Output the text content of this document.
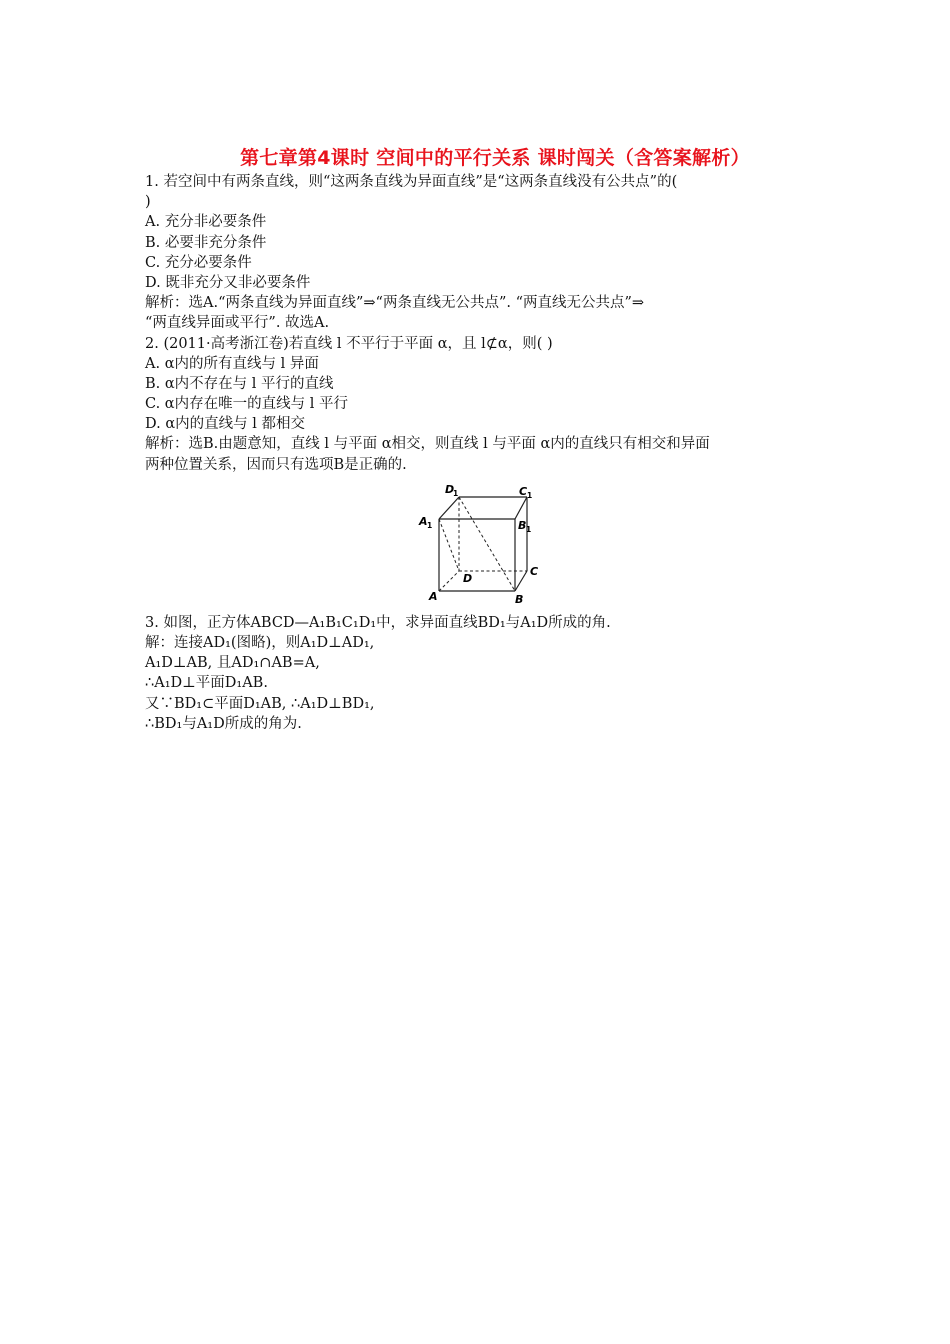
第七章第4课时 空间中的平行关系 课时闯关（含答案解析）
1. 若空间中有两条直线，则“这两条直线为异面直线”是“这两条直线没有公共点”的(
)
A. 充分非必要条件
B. 必要非充分条件
C. 充分必要条件
D. 既非充分又非必要条件
解析：选A.“两条直线为异面直线”⇒“两条直线无公共点”. “两直线无公共点”⇒
“两直线异面或平行”. 故选A.
2. (2011·高考浙江卷)若直线 l 不平行于平面 α，且 l⊄α，则( )
A. α内的所有直线与 l 异面
B. α内不存在与 l 平行的直线
C. α内存在唯一的直线与 l 平行
D. α内的直线与 l 都相交
解析：选B.由题意知，直线 l 与平面 α相交，则直线 l 与平面 α内的直线只有相交和异面
两种位置关系，因而只有选项B是正确的.
A	B
C
D
A 1	B 1
C 1
D
1
3. 如图，正方体ABCD—A₁B₁C₁D₁中，求异面直线BD₁与A₁D所成的角.
解：连接AD₁(图略)，则A₁D⊥AD₁,
A₁D⊥AB, 且AD₁∩AB=A,
∴A₁D⊥平面D₁AB.
又∵BD₁⊂平面D₁AB, ∴A₁D⊥BD₁,
∴BD₁与A₁D所成的角为.
